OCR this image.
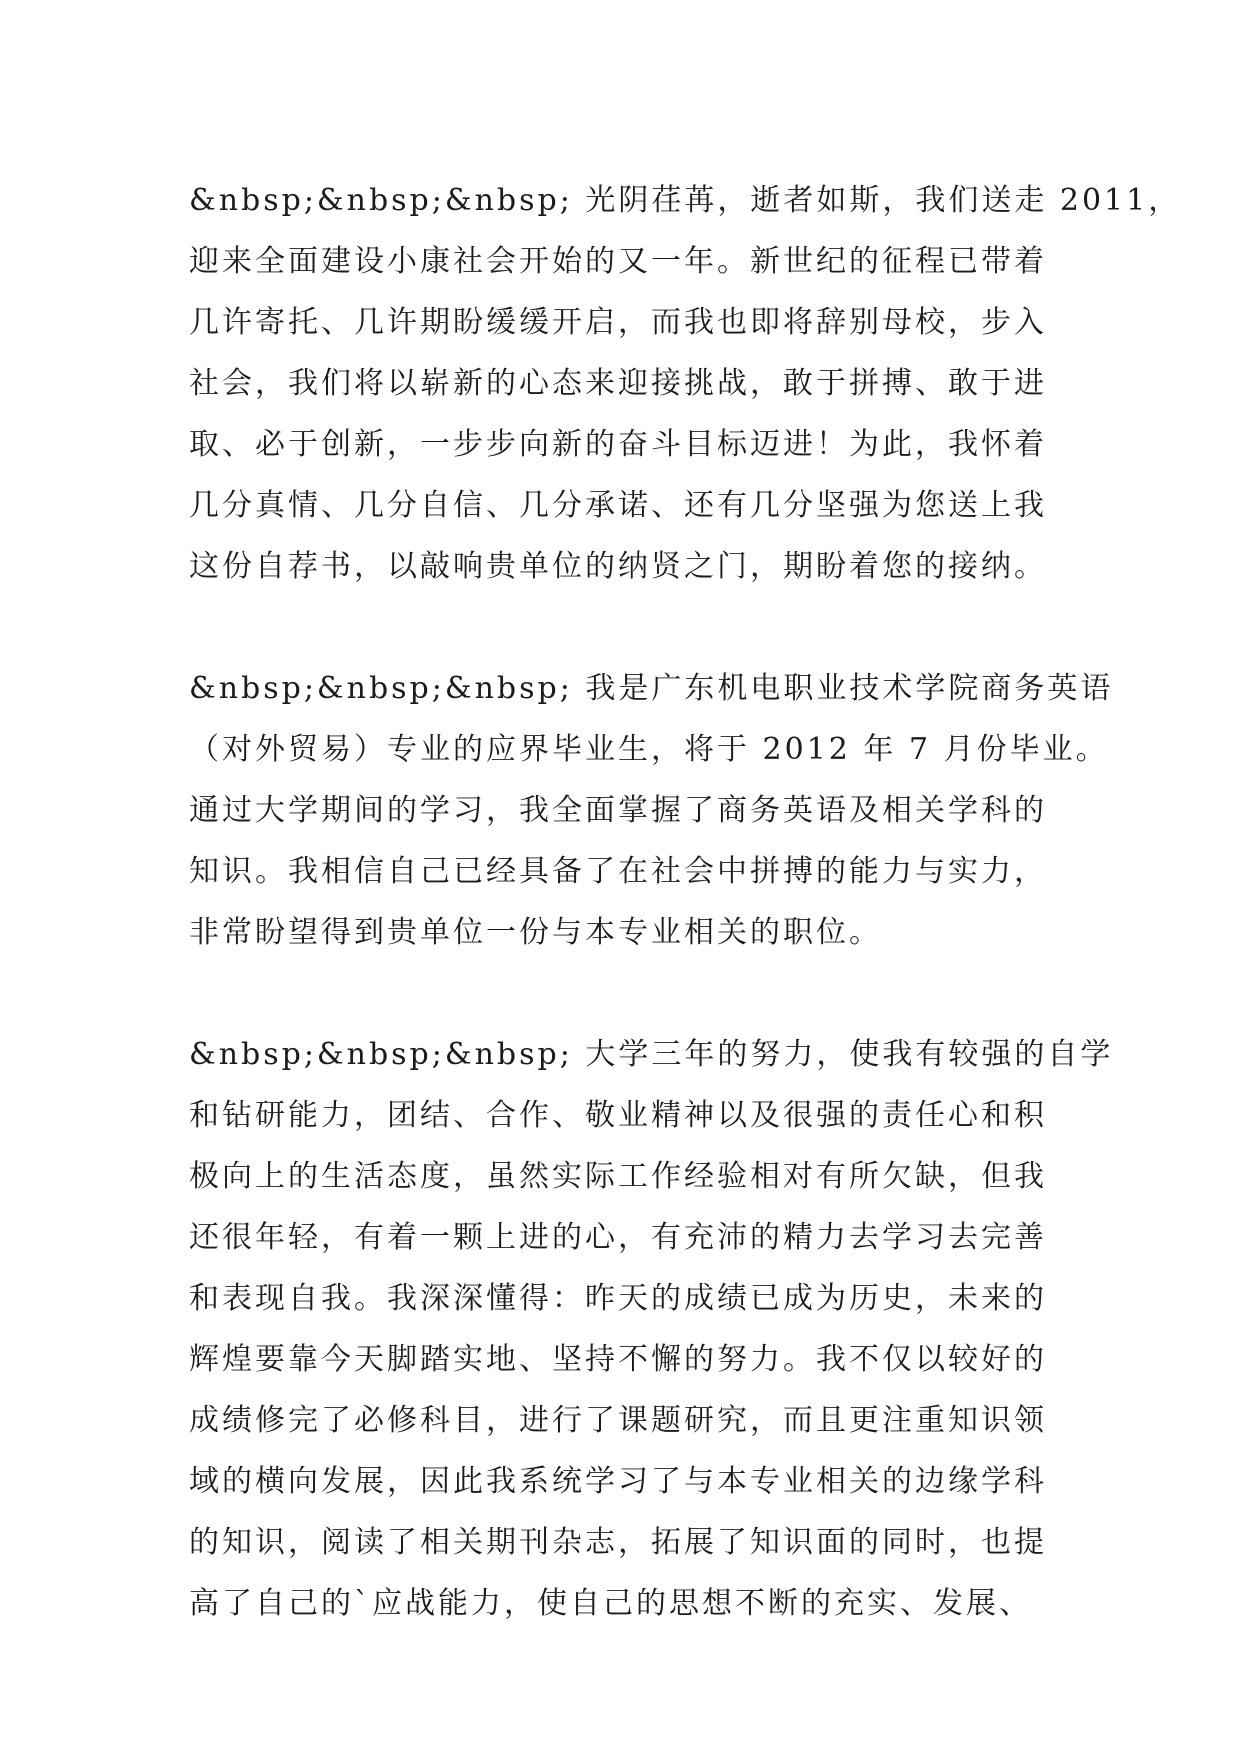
&nbsp;&nbsp;&nbsp; 光阴荏苒，逝者如斯，我们送走 2011，
迎来全面建设小康社会开始的又一年。新世纪的征程已带着
几许寄托、几许期盼缓缓开启，而我也即将辞别母校，步入
社会，我们将以崭新的心态来迎接挑战，敢于拼搏、敢于进
取、必于创新，一步步向新的奋斗目标迈进！为此，我怀着
几分真情、几分自信、几分承诺、还有几分坚强为您送上我
这份自荐书，以敲响贵单位的纳贤之门，期盼着您的接纳。

&nbsp;&nbsp;&nbsp; 我是广东机电职业技术学院商务英语
（对外贸易）专业的应界毕业生，将于 2012 年 7 月份毕业。
通过大学期间的学习，我全面掌握了商务英语及相关学科的
知识。我相信自己已经具备了在社会中拼搏的能力与实力，
非常盼望得到贵单位一份与本专业相关的职位。

&nbsp;&nbsp;&nbsp; 大学三年的努力，使我有较强的自学
和钻研能力，团结、合作、敬业精神以及很强的责任心和积
极向上的生活态度，虽然实际工作经验相对有所欠缺，但我
还很年轻，有着一颗上进的心，有充沛的精力去学习去完善
和表现自我。我深深懂得：昨天的成绩已成为历史，未来的
辉煌要靠今天脚踏实地、坚持不懈的努力。我不仅以较好的
成绩修完了必修科目，进行了课题研究，而且更注重知识领
域的横向发展，因此我系统学习了与本专业相关的边缘学科
的知识，阅读了相关期刊杂志，拓展了知识面的同时，也提
高了自己的`应战能力，使自己的思想不断的充实、发展、
